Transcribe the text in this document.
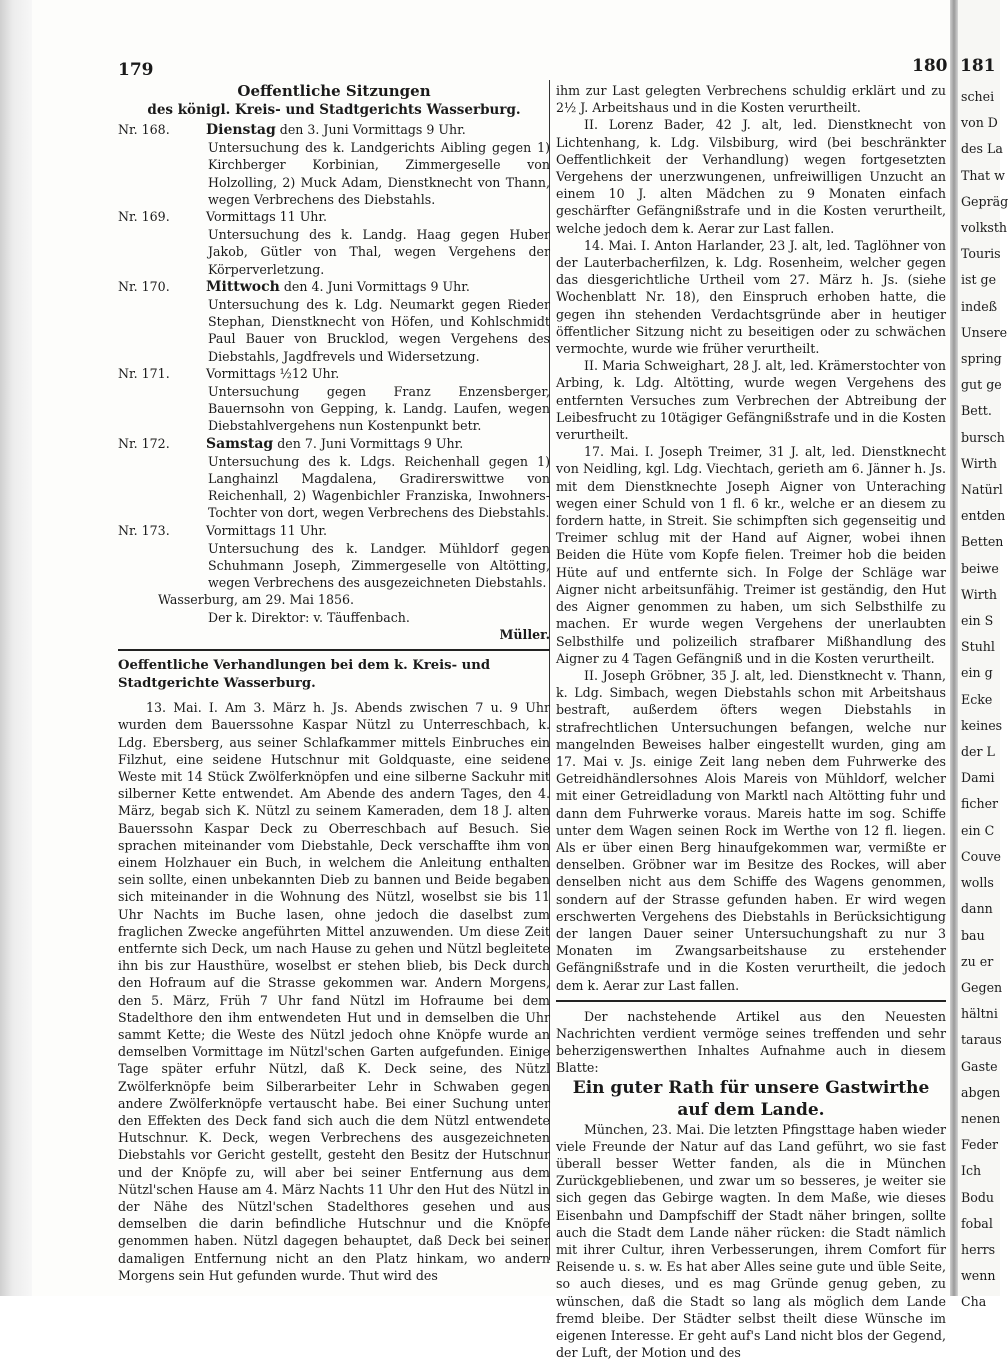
181
schei
von D
des La
That w
Gepräg
volksth
Touris
ist ge
indeß
Unsere
spring
gut ge
Bett.
bursch
Wirth
Natürl
entden
Betten
beiwe
Wirth
ein S
Stuhl
ein g
Ecke
keines
der L
Dami
ficher
ein C
Couve
wolls
dann
bau
zu er
Gegen
hältni
taraus
Gaste
abgen
nenen
Feder
Ich
Bodu
fobal
herrs
wenn
Cha
179	180
Oeffentliche Sitzungen
des königl. Kreis- und Stadtgerichts Wasserburg.
Nr. 168.	Dienstag den 3. Juni Vormittags 9 Uhr.
Untersuchung des k. Landgerichts Aibling gegen 1) Kirchberger Korbinian, Zimmergeselle von Holzolling, 2) Muck Adam, Dienstknecht von Thann, wegen Verbrechens des Diebstahls.
Nr. 169.	Vormittags 11 Uhr.
Untersuchung des k. Landg. Haag gegen Huber Jakob, Gütler von Thal, wegen Vergehens der Körperverletzung.
Nr. 170.	Mittwoch den 4. Juni Vormittags 9 Uhr.
Untersuchung des k. Ldg. Neumarkt gegen Rieder Stephan, Dienstknecht von Höfen, und Kohlschmidt Paul Bauer von Brucklod, wegen Vergehens des Diebstahls, Jagdfrevels und Widersetzung.
Nr. 171.	Vormittags ½12 Uhr.
Untersuchung gegen Franz Enzensberger, Bauernsohn von Gepping, k. Landg. Laufen, wegen Diebstahlvergehens nun Kostenpunkt betr.
Nr. 172.	Samstag den 7. Juni Vormittags 9 Uhr.
Untersuchung des k. Ldgs. Reichenhall gegen 1) Langhainzl Magdalena, Gradirerswittwe von Reichenhall, 2) Wagenbichler Franziska, Inwohners-Tochter von dort, wegen Verbrechens des Diebstahls.
Nr. 173.	Vormittags 11 Uhr.
Untersuchung des k. Landger. Mühldorf gegen Schuhmann Joseph, Zimmergeselle von Altötting, wegen Verbrechens des ausgezeichneten Diebstahls.
Wasserburg, am 29. Mai 1856.
Der k. Direktor: v. Täuffenbach.
Müller.
Oeffentliche Verhandlungen bei dem k. Kreis- und Stadtgerichte Wasserburg.

13. Mai. I. Am 3. März h. Js. Abends zwischen 7 u. 9 Uhr wurden dem Bauerssohne Kaspar Nützl zu Unterreschbach, k. Ldg. Ebersberg, aus seiner Schlafkammer mittels Einbruches ein Filzhut, eine seidene Hutschnur mit Goldquaste, eine seidene Weste mit 14 Stück Zwölferknöpfen und eine silberne Sackuhr mit silberner Kette entwendet. Am Abende des andern Tages, den 4. März, begab sich K. Nützl zu seinem Kameraden, dem 18 J. alten Bauerssohn Kaspar Deck zu Oberreschbach auf Besuch. Sie sprachen miteinander vom Diebstahle, Deck verschaffte ihm von einem Holzhauer ein Buch, in welchem die Anleitung enthalten sein sollte, einen unbekannten Dieb zu bannen und Beide begaben sich miteinander in die Wohnung des Nützl, woselbst sie bis 11 Uhr Nachts im Buche lasen, ohne jedoch die daselbst zum fraglichen Zwecke angeführten Mittel anzuwenden. Um diese Zeit entfernte sich Deck, um nach Hause zu gehen und Nützl begleitete ihn bis zur Hausthüre, woselbst er stehen blieb, bis Deck durch den Hofraum auf die Strasse gekommen war. Andern Morgens, den 5. März, Früh 7 Uhr fand Nützl im Hofraume bei dem Stadelthore den ihm entwendeten Hut und in demselben die Uhr sammt Kette; die Weste des Nützl jedoch ohne Knöpfe wurde an demselben Vormittage im Nützl'schen Garten aufgefunden. Einige Tage später erfuhr Nützl, daß K. Deck seine, des Nützl Zwölferknöpfe beim Silberarbeiter Lehr in Schwaben gegen andere Zwölferknöpfe vertauscht habe. Bei einer Suchung unter den Effekten des Deck fand sich auch die dem Nützl entwendete Hutschnur. K. Deck, wegen Verbrechens des ausgezeichneten Diebstahls vor Gericht gestellt, gesteht den Besitz der Hutschnur und der Knöpfe zu, will aber bei seiner Entfernung aus dem Nützl'schen Hause am 4. März Nachts 11 Uhr den Hut des Nützl in der Nähe des Nützl'schen Stadelthores gesehen und aus demselben die darin befindliche Hutschnur und die Knöpfe genommen haben. Nützl dagegen behauptet, daß Deck bei seiner damaligen Entfernung nicht an den Platz hinkam, wo andern Morgens sein Hut gefunden wurde. Thut wird des

ihm zur Last gelegten Verbrechens schuldig erklärt und zu 2½ J. Arbeitshaus und in die Kosten verurtheilt.

II. Lorenz Bader, 42 J. alt, led. Dienstknecht von Lichtenhang, k. Ldg. Vilsbiburg, wird (bei beschränkter Oeffentlichkeit der Verhandlung) wegen fortgesetzten Vergehens der unerzwungenen, unfreiwilligen Unzucht an einem 10 J. alten Mädchen zu 9 Monaten einfach geschärfter Gefängnißstrafe und in die Kosten verurtheilt, welche jedoch dem k. Aerar zur Last fallen.

14. Mai. I. Anton Harlander, 23 J. alt, led. Taglöhner von der Lauterbacherfilzen, k. Ldg. Rosenheim, welcher gegen das diesgerichtliche Urtheil vom 27. März h. Js. (siehe Wochenblatt Nr. 18), den Einspruch erhoben hatte, die gegen ihn stehenden Verdachtsgründe aber in heutiger öffentlicher Sitzung nicht zu beseitigen oder zu schwächen vermochte, wurde wie früher verurtheilt.

II. Maria Schweighart, 28 J. alt, led. Krämerstochter von Arbing, k. Ldg. Altötting, wurde wegen Vergehens des entfernten Versuches zum Verbrechen der Abtreibung der Leibesfrucht zu 10tägiger Gefängnißstrafe und in die Kosten verurtheilt.

17. Mai. I. Joseph Treimer, 31 J. alt, led. Dienstknecht von Neidling, kgl. Ldg. Viechtach, gerieth am 6. Jänner h. Js. mit dem Dienstknechte Joseph Aigner von Unteraching wegen einer Schuld von 1 fl. 6 kr., welche er an diesem zu fordern hatte, in Streit. Sie schimpften sich gegenseitig und Treimer schlug mit der Hand auf Aigner, wobei ihnen Beiden die Hüte vom Kopfe fielen. Treimer hob die beiden Hüte auf und entfernte sich. In Folge der Schläge war Aigner nicht arbeitsunfähig. Treimer ist geständig, den Hut des Aigner genommen zu haben, um sich Selbsthilfe zu machen. Er wurde wegen Vergehens der unerlaubten Selbsthilfe und polizeilich strafbarer Mißhandlung des Aigner zu 4 Tagen Gefängniß und in die Kosten verurtheilt.

II. Joseph Gröbner, 35 J. alt, led. Dienstknecht v. Thann, k. Ldg. Simbach, wegen Diebstahls schon mit Arbeitshaus bestraft, außerdem öfters wegen Diebstahls in strafrechtlichen Untersuchungen befangen, welche nur mangelnden Beweises halber eingestellt wurden, ging am 17. Mai v. Js. einige Zeit lang neben dem Fuhrwerke des Getreidhändlersohnes Alois Mareis von Mühldorf, welcher mit einer Getreidladung von Marktl nach Altötting fuhr und dann dem Fuhrwerke voraus. Mareis hatte im sog. Schiffe unter dem Wagen seinen Rock im Werthe von 12 fl. liegen. Als er über einen Berg hinaufgekommen war, vermißte er denselben. Gröbner war im Besitze des Rockes, will aber denselben nicht aus dem Schiffe des Wagens genommen, sondern auf der Strasse gefunden haben. Er wird wegen erschwerten Vergehens des Diebstahls in Berücksichtigung der langen Dauer seiner Untersuchungshaft zu nur 3 Monaten im Zwangsarbeitshause zu erstehender Gefängnißstrafe und in die Kosten verurtheilt, die jedoch dem k. Aerar zur Last fallen.

Der nachstehende Artikel aus den Neuesten Nachrichten verdient vermöge seines treffenden und sehr beherzigenswerthen Inhaltes Aufnahme auch in diesem Blatte:

Ein guter Rath für unsere Gastwirthe auf dem Lande.

München, 23. Mai. Die letzten Pfingsttage haben wieder viele Freunde der Natur auf das Land geführt, wo sie fast überall besser Wetter fanden, als die in München Zurückgebliebenen, und zwar um so besseres, je weiter sie sich gegen das Gebirge wagten. In dem Maße, wie dieses Eisenbahn und Dampfschiff der Stadt näher bringen, sollte auch die Stadt dem Lande näher rücken: die Stadt nämlich mit ihrer Cultur, ihren Verbesserungen, ihrem Comfort für Reisende u. s. w. Es hat aber Alles seine gute und üble Seite, so auch dieses, und es mag Gründe genug geben, zu wünschen, daß die Stadt so lang als möglich dem Lande fremd bleibe. Der Städter selbst theilt diese Wünsche im eigenen Interesse. Er geht auf's Land nicht blos der Gegend, der Luft, der Motion und des
